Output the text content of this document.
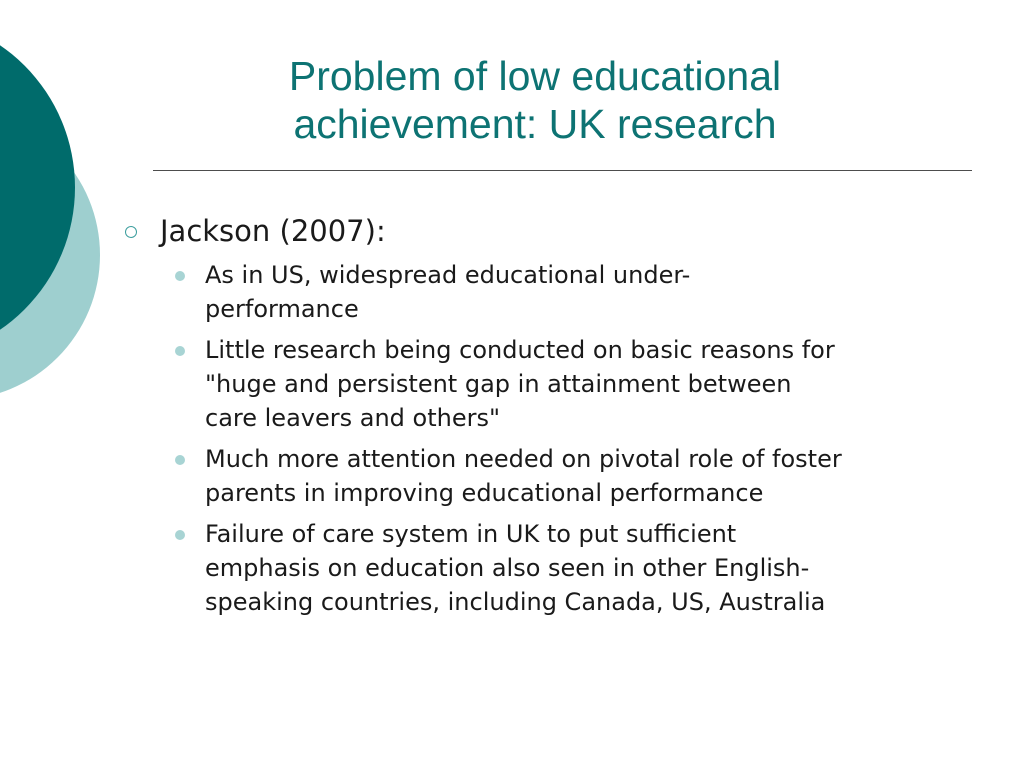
Problem of low educational
achievement: UK research
Jackson (2007):
As in US, widespread educational under-
performance
Little research being conducted on basic reasons for
"huge and persistent gap in attainment between
care leavers and others"
Much more attention needed on pivotal role of foster
parents in improving educational performance
Failure of care system in UK to put sufficient
emphasis on education also seen in other English-
speaking countries, including Canada, US, Australia
